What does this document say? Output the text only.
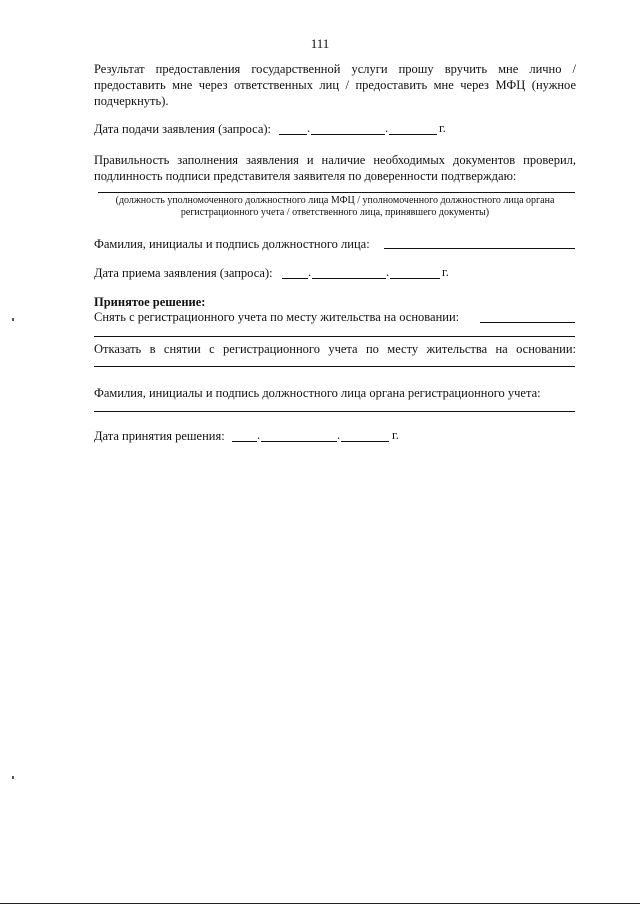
111
Результат предоставления государственной услуги прошу вручить мне лично / предоставить мне через ответственных лиц / предоставить мне через МФЦ (нужное подчеркнуть).
Дата подачи заявления (запроса):	.	.	г.
Правильность заполнения заявления и наличие необходимых документов проверил, подлинность подписи представителя заявителя по доверенности подтверждаю:
(должность уполномоченного должностного лица МФЦ / уполномоченного должностного лица органа регистрационного учета / ответственного лица, принявшего документы)
Фамилия, инициалы и подпись должностного лица:
Дата приема заявления (запроса):	.	.	г.
Принятое решение:
Снять с регистрационного учета по месту жительства на основании:
Отказать в снятии с регистрационного учета по месту жительства на основании:
Фамилия, инициалы и подпись должностного лица органа регистрационного учета:
Дата принятия решения:	.	.	г.
